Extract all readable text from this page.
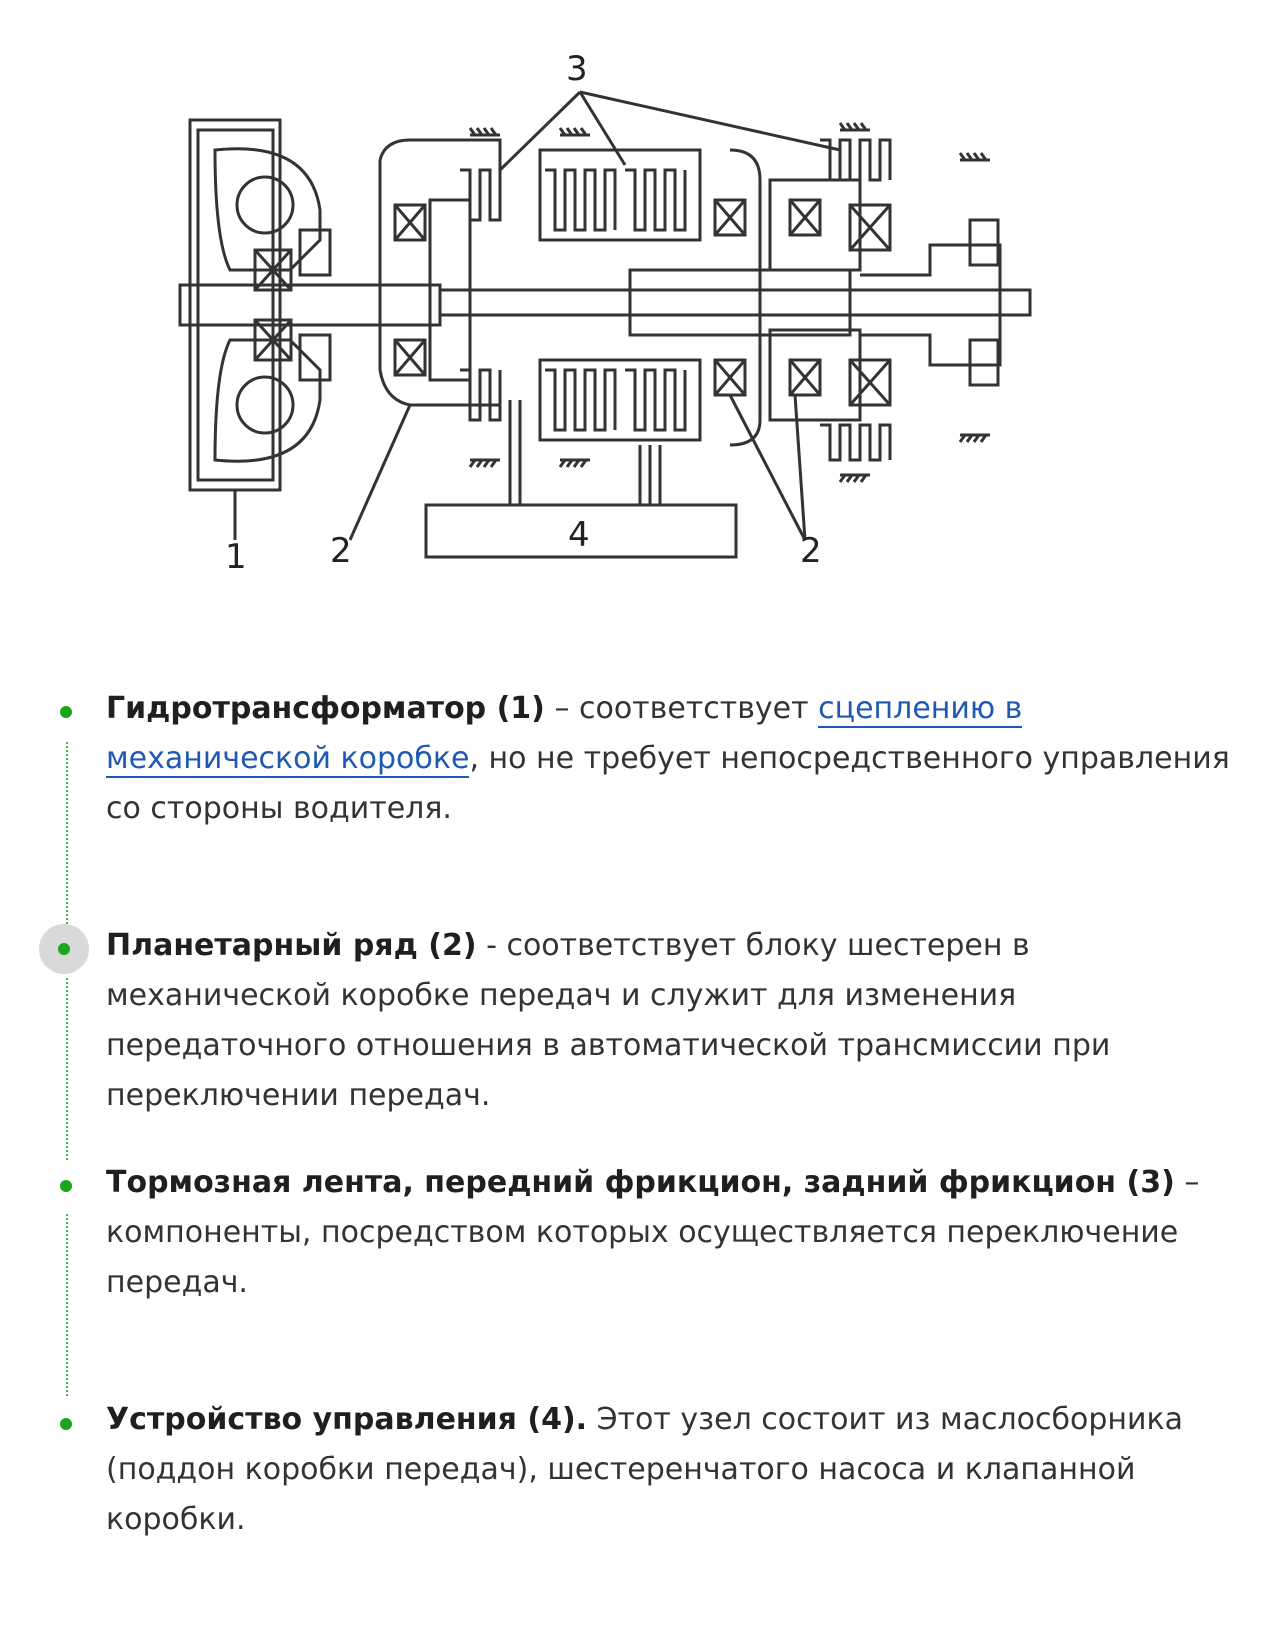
1 2
3
4	2

Гидротрансформатор (1) – соответствует сцеплению в механической коробке, но не требует непосредственного управления со стороны водителя.

Планетарный ряд (2) - соответствует блоку шестерен в механической коробке передач и служит для изменения передаточного отношения в автоматической трансмиссии при переключении передач.

Тормозная лента, передний фрикцион, задний фрикцион (3) – компоненты, посредством которых осуществляется переключение передач.

Устройство управления (4). Этот узел состоит из маслосборника (поддон коробки передач), шестеренчатого насоса и клапанной коробки.
